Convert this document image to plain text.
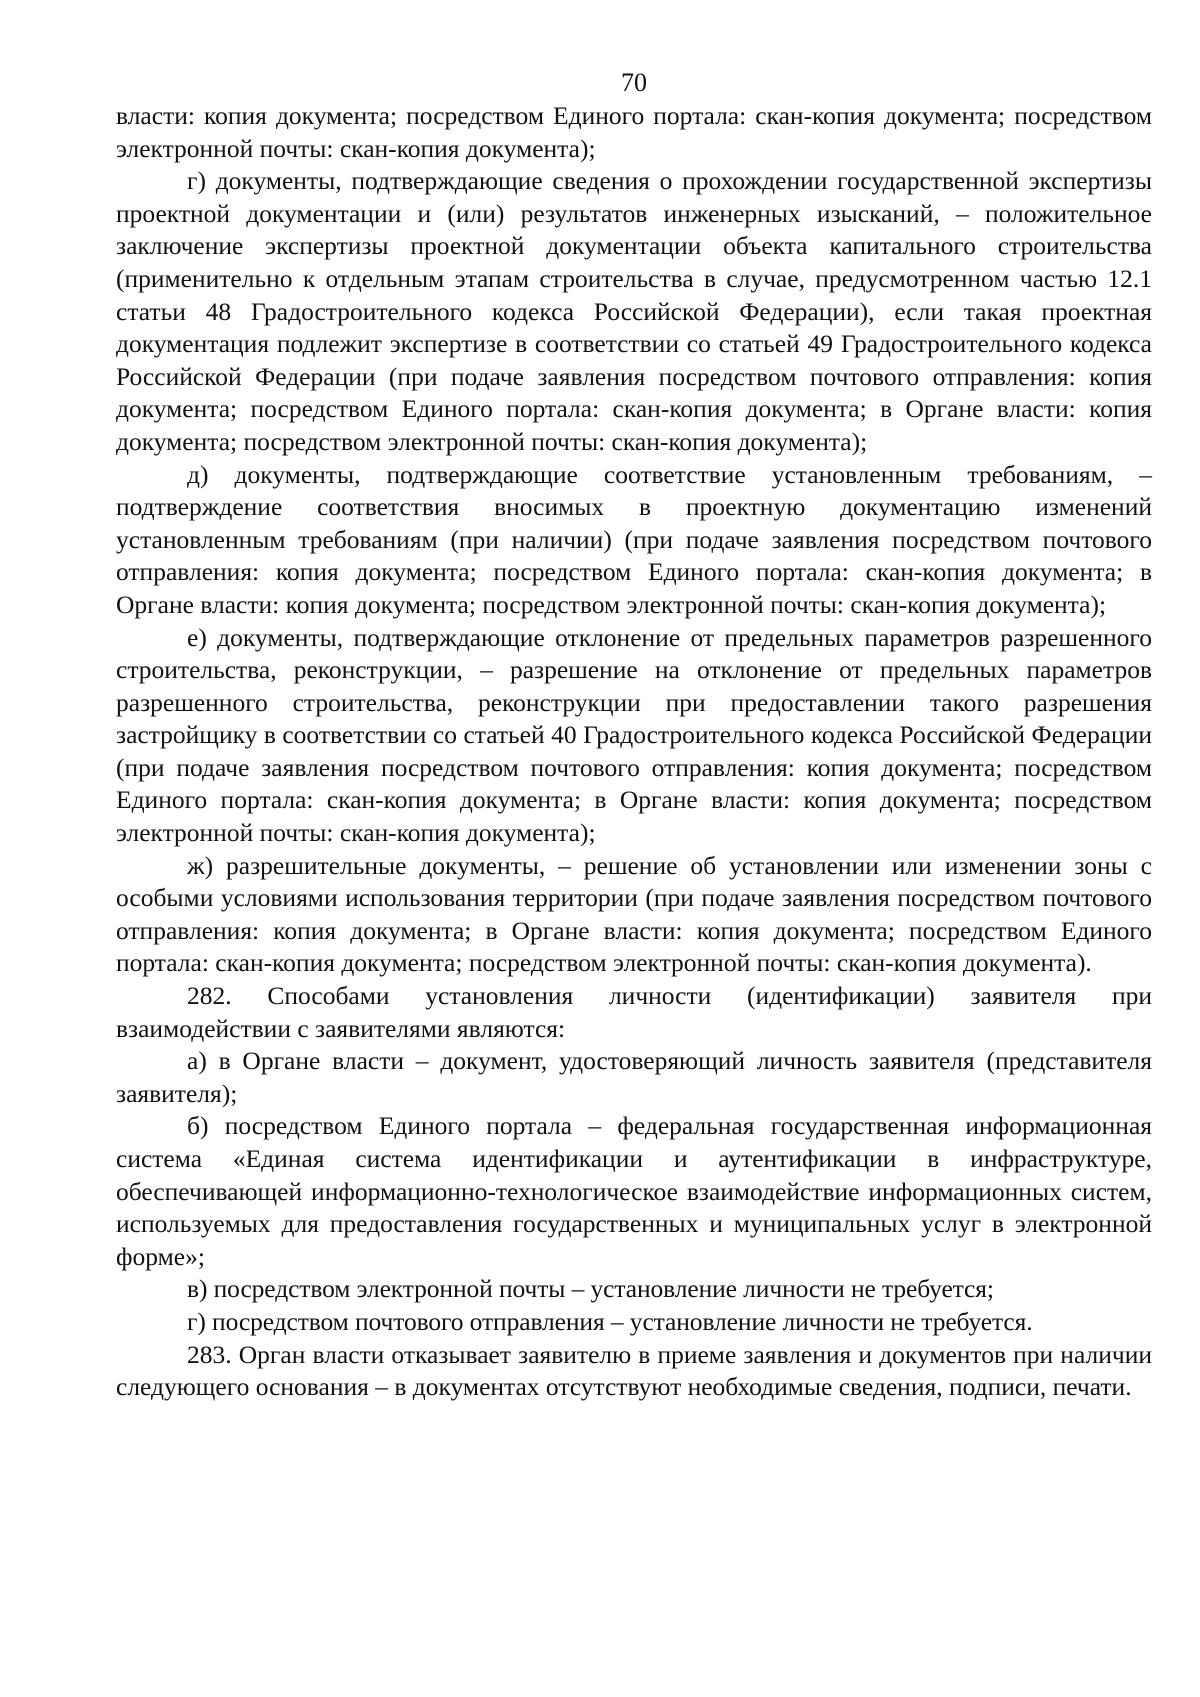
70

власти: копия документа; посредством Единого портала: скан-копия документа; посредством электронной почты: скан-копия документа);

г) документы, подтверждающие сведения о прохождении государственной экспертизы проектной документации и (или) результатов инженерных изысканий, – положительное заключение экспертизы проектной документации объекта капитального строительства (применительно к отдельным этапам строительства в случае, предусмотренном частью 12.1 статьи 48 Градостроительного кодекса Российской Федерации), если такая проектная документация подлежит экспертизе в соответствии со статьей 49 Градостроительного кодекса Российской Федерации (при подаче заявления посредством почтового отправления: копия документа; посредством Единого портала: скан-копия документа; в Органе власти: копия документа; посредством электронной почты: скан-копия документа);

д) документы, подтверждающие соответствие установленным требованиям, – подтверждение соответствия вносимых в проектную документацию изменений установленным требованиям (при наличии) (при подаче заявления посредством почтового отправления: копия документа; посредством Единого портала: скан-копия документа; в Органе власти: копия документа; посредством электронной почты: скан-копия документа);

е) документы, подтверждающие отклонение от предельных параметров разрешенного строительства, реконструкции, – разрешение на отклонение от предельных параметров разрешенного строительства, реконструкции при предоставлении такого разрешения застройщику в соответствии со статьей 40 Градостроительного кодекса Российской Федерации (при подаче заявления посредством почтового отправления: копия документа; посредством Единого портала: скан-копия документа; в Органе власти: копия документа; посредством электронной почты: скан-копия документа);

ж) разрешительные документы, – решение об установлении или изменении зоны с особыми условиями использования территории (при подаче заявления посредством почтового отправления: копия документа; в Органе власти: копия документа; посредством Единого портала: скан-копия документа; посредством электронной почты: скан-копия документа).

282. Способами установления личности (идентификации) заявителя при взаимодействии с заявителями являются:

а) в Органе власти – документ, удостоверяющий личность заявителя (представителя заявителя);

б) посредством Единого портала – федеральная государственная информационная система «Единая система идентификации и аутентификации в инфраструктуре, обеспечивающей информационно-технологическое взаимодействие информационных систем, используемых для предоставления государственных и муниципальных услуг в электронной форме»;

в) посредством электронной почты – установление личности не требуется;

г) посредством почтового отправления – установление личности не требуется.

283. Орган власти отказывает заявителю в приеме заявления и документов при наличии следующего основания – в документах отсутствуют необходимые сведения, подписи, печати.
